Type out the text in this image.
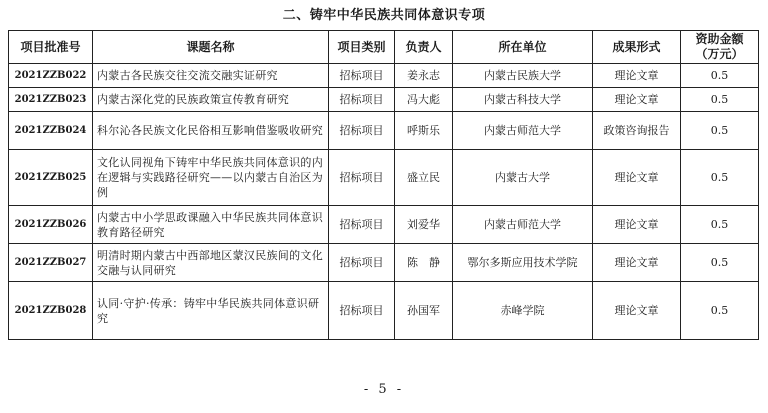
二、铸牢中华民族共同体意识专项
项目批准号	课题名称	项目类别	负责人	所在单位	成果形式	资助金额（万元）
2021ZZB022	内蒙古各民族交往交流交融实证研究	招标项目	姜永志	内蒙古民族大学	理论文章	0.5
2021ZZB023	内蒙古深化党的民族政策宣传教育研究	招标项目	冯大彪	内蒙古科技大学	理论文章	0.5
2021ZZB024	科尔沁各民族文化民俗相互影响借鉴吸收研究	招标项目	呼斯乐	内蒙古师范大学	政策咨询报告	0.5
2021ZZB025	文化认同视角下铸牢中华民族共同体意识的内在逻辑与实践路径研究——以内蒙古自治区为例	招标项目	盛立民	内蒙古大学	理论文章	0.5
2021ZZB026	内蒙古中小学思政课融入中华民族共同体意识教育路径研究	招标项目	刘爱华	内蒙古师范大学	理论文章	0.5
2021ZZB027	明清时期内蒙古中西部地区蒙汉民族间的文化交融与认同研究	招标项目	陈　静	鄂尔多斯应用技术学院	理论文章	0.5
2021ZZB028	认同·守护·传承：铸牢中华民族共同体意识研究	招标项目	孙国军	赤峰学院	理论文章	0.5
- 5 -
